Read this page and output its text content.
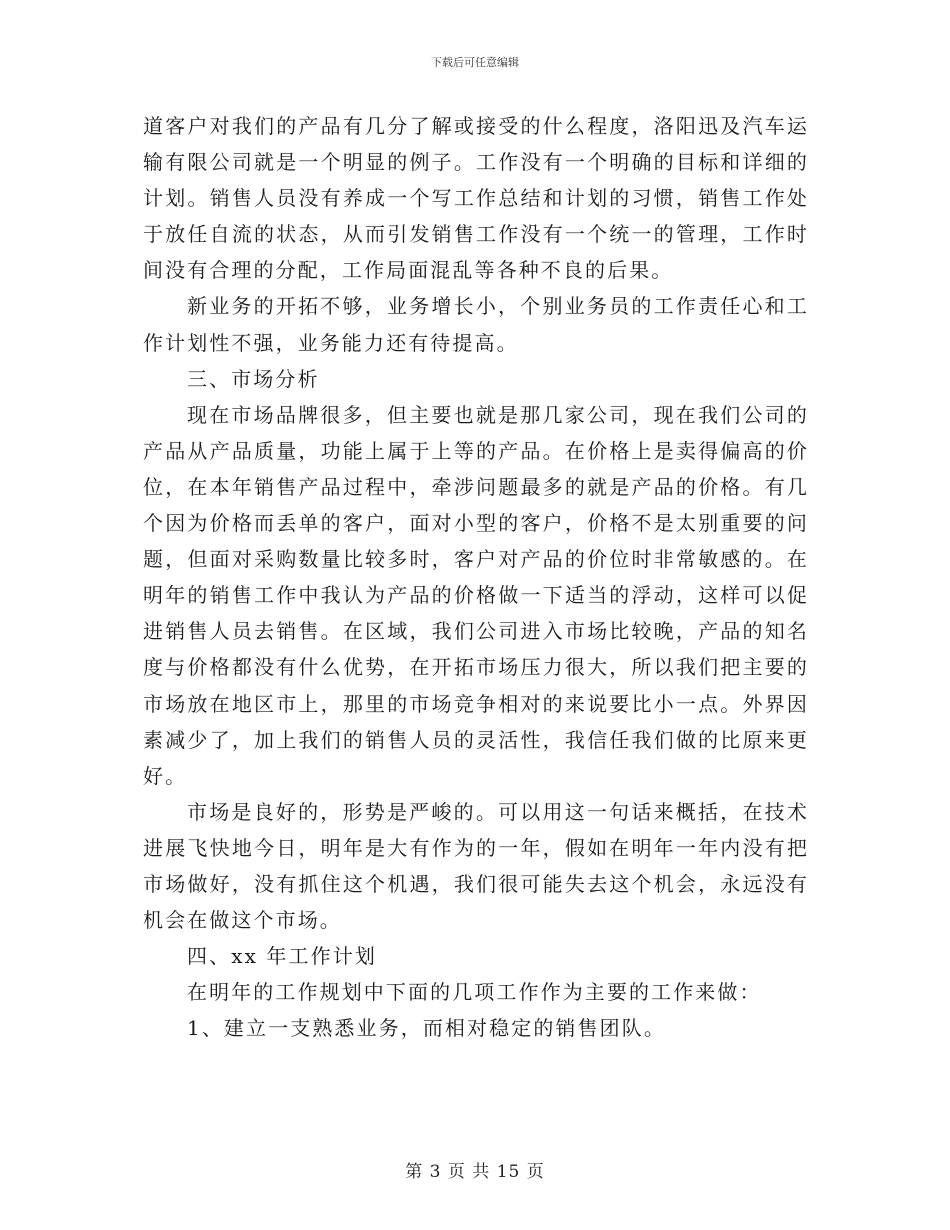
下载后可任意编辑

道客户对我们的产品有几分了解或接受的什么程度，洛阳迅及汽车运输有限公司就是一个明显的例子。工作没有一个明确的目标和详细的计划。销售人员没有养成一个写工作总结和计划的习惯，销售工作处于放任自流的状态，从而引发销售工作没有一个统一的管理，工作时间没有合理的分配，工作局面混乱等各种不良的后果。

新业务的开拓不够，业务增长小，个别业务员的工作责任心和工作计划性不强，业务能力还有待提高。

三、市场分析

现在市场品牌很多，但主要也就是那几家公司，现在我们公司的产品从产品质量，功能上属于上等的产品。在价格上是卖得偏高的价位，在本年销售产品过程中，牵涉问题最多的就是产品的价格。有几个因为价格而丢单的客户，面对小型的客户，价格不是太别重要的问题，但面对采购数量比较多时，客户对产品的价位时非常敏感的。在明年的销售工作中我认为产品的价格做一下适当的浮动，这样可以促进销售人员去销售。在区域，我们公司进入市场比较晚，产品的知名度与价格都没有什么优势，在开拓市场压力很大，所以我们把主要的市场放在地区市上，那里的市场竞争相对的来说要比小一点。外界因素减少了，加上我们的销售人员的灵活性，我信任我们做的比原来更好。

市场是良好的，形势是严峻的。可以用这一句话来概括，在技术进展飞快地今日，明年是大有作为的一年，假如在明年一年内没有把市场做好，没有抓住这个机遇，我们很可能失去这个机会，永远没有机会在做这个市场。

四、xx 年工作计划

在明年的工作规划中下面的几项工作作为主要的工作来做：

1、建立一支熟悉业务，而相对稳定的销售团队。

第 3 页 共 15 页
